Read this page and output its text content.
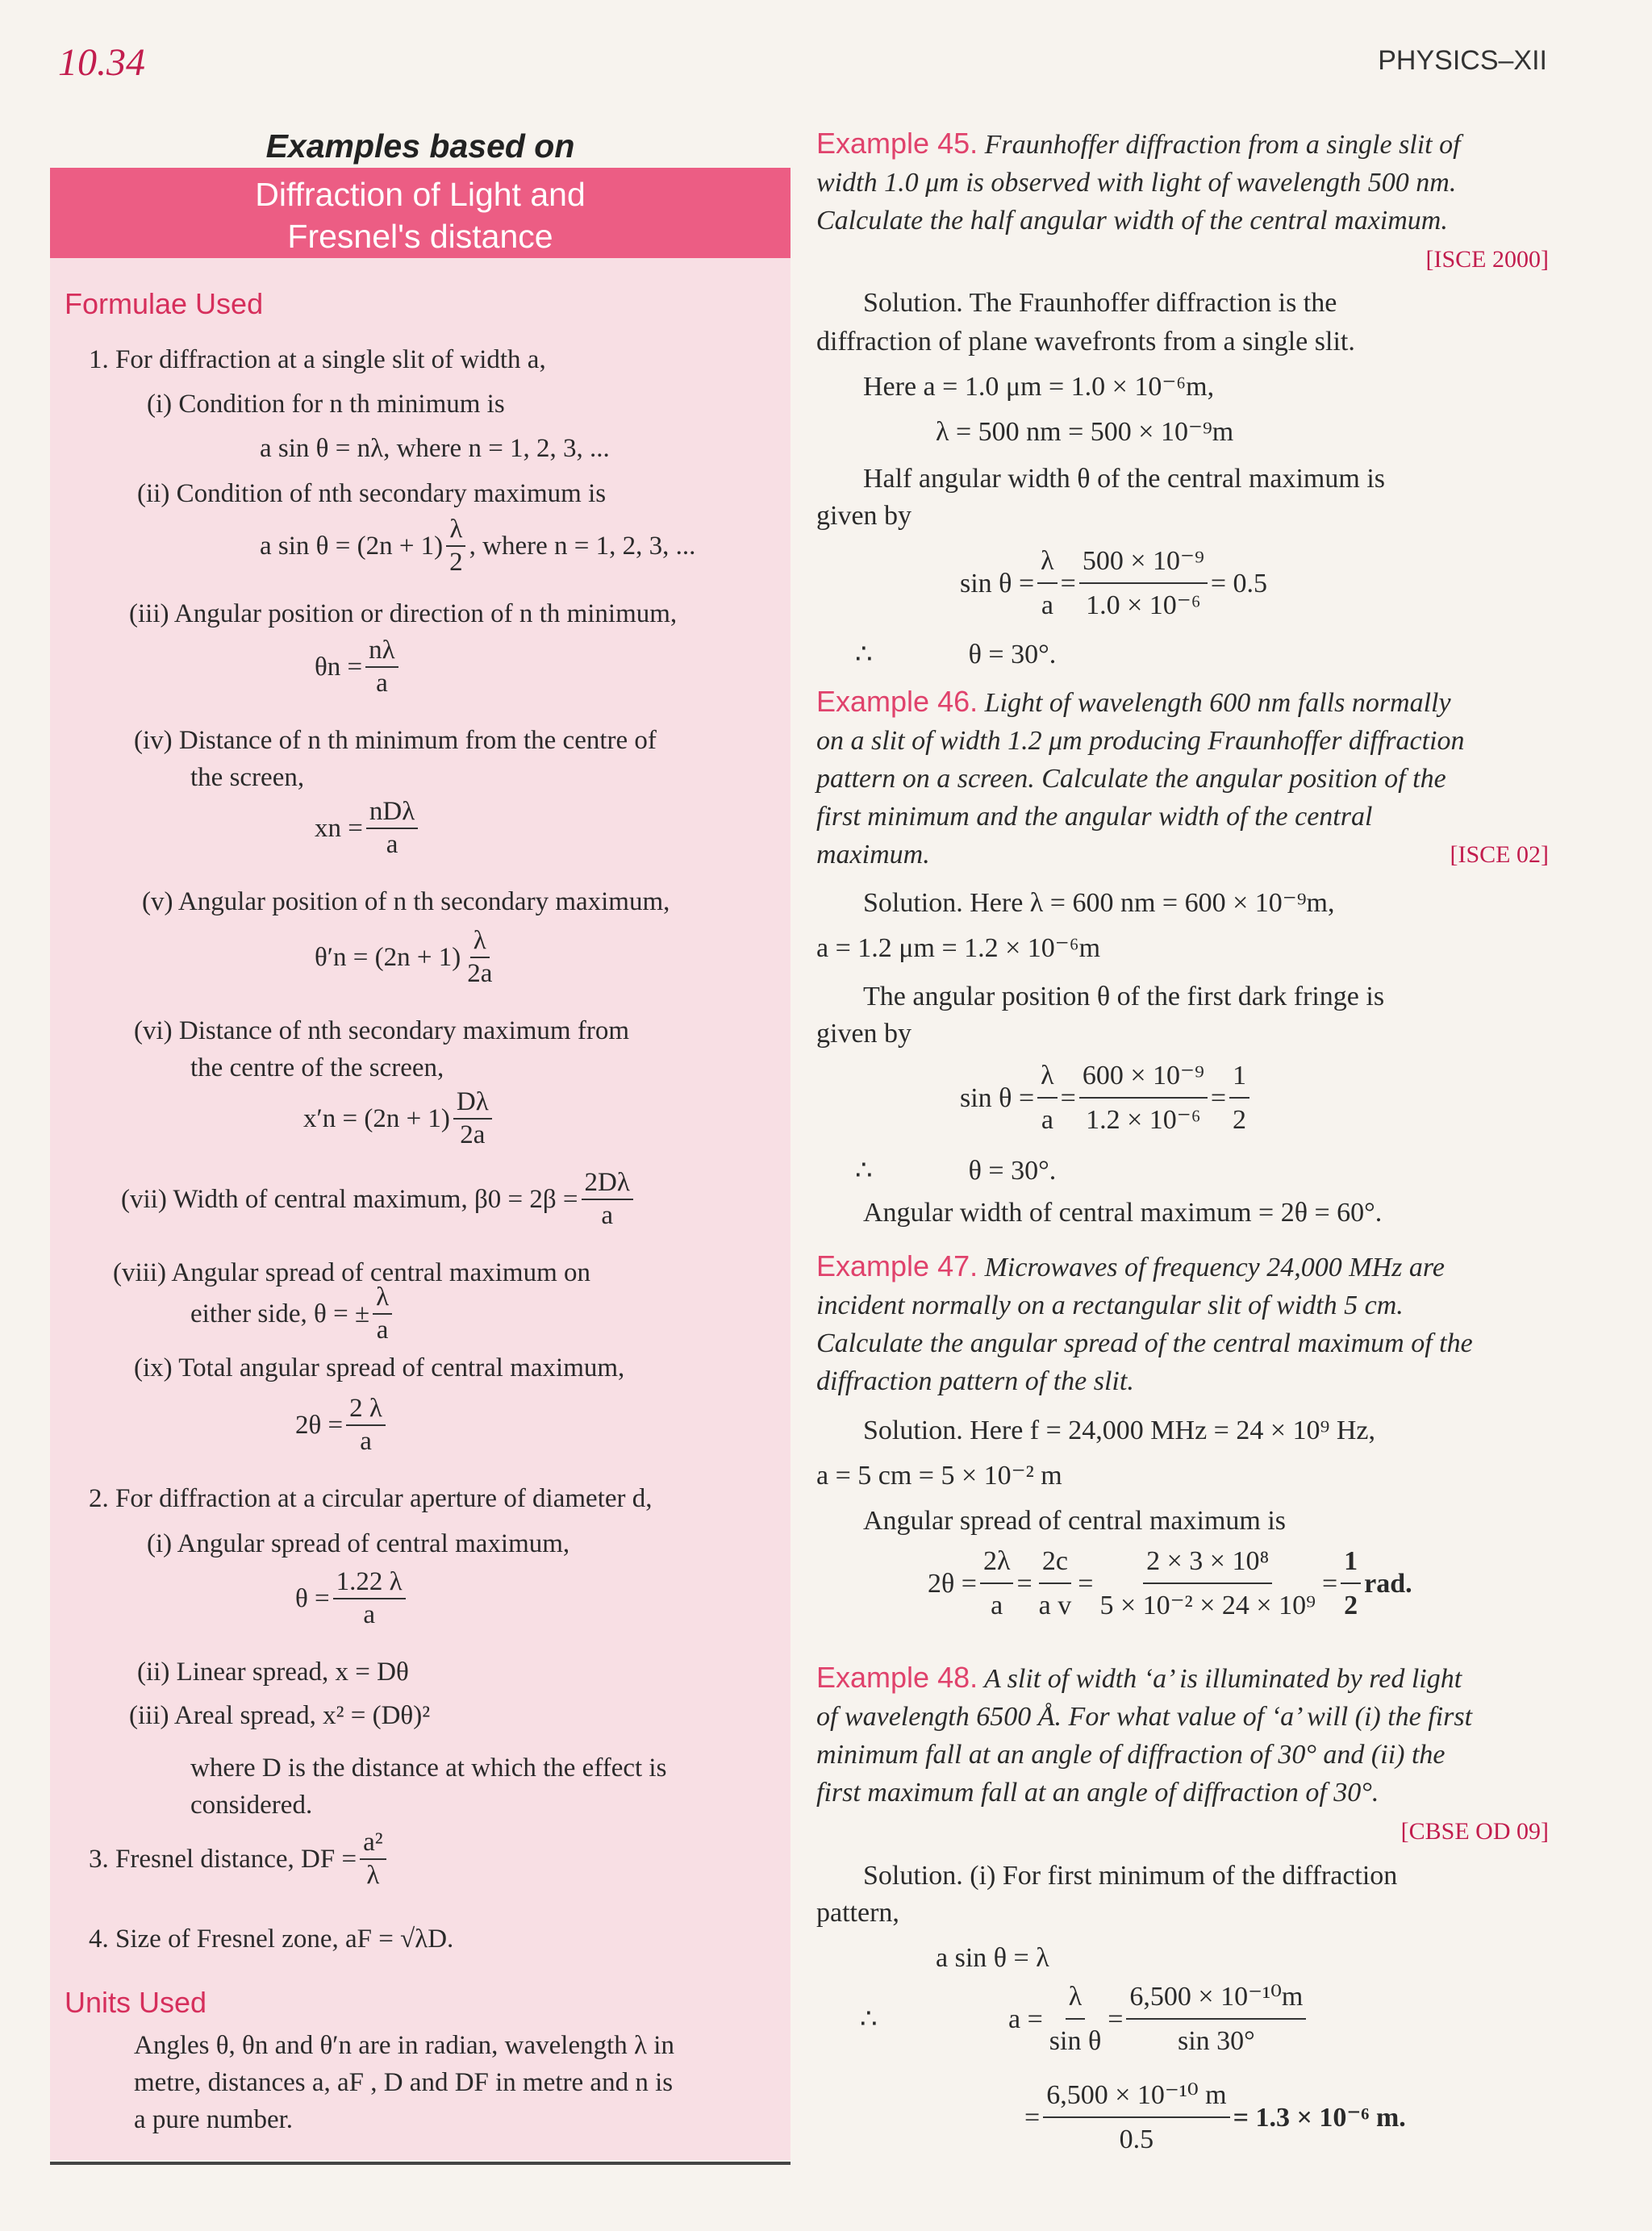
10.34	PHYSICS–XII
Examples based on
Diffraction of Light and
Fresnel's distance
Formulae Used
1. For diffraction at a single slit of width a,
(i) Condition for n th minimum is
a sin θ = nλ, where n = 1, 2, 3, ...
(ii) Condition of nth secondary maximum is
a $\sin \theta = (2n + 1) \frac{\lambda}{2}$ , where n = 1, 2, 3, ...
(iii) Angular position or direction of n th minimum,
$\theta n = \frac{n\lambda}{a}$
(iv) Distance of n th minimum from the centre of
the screen,
xn = $\frac{\text{nDλ}}{a}$
(v) Angular position of n th secondary maximum,
$\theta'n = (2n + 1) \frac{\lambda}{2a}$
(vi) Distance of nth secondary maximum from
the centre of the screen,
$x'n = (2n + 1) \frac{D\lambda}{2a}$
(vii) Width of central maximum, $\beta 0 = 2\beta = \frac{2D\lambda}{a}$
(viii) Angular spread of central maximum on
either side, θ = ± $\frac{\lambda}{a}$
(ix) Total angular spread of central maximum,
$2\theta = \frac{2 \lambda}{a}$
2. For diffraction at a circular aperture of diameter d,
(i) Angular spread of central maximum,
$\theta = \frac{1.22 \lambda}{a}$
(ii) Linear spread, x = Dθ
(iii) Areal spread, x² = (Dθ)²
where D is the distance at which the effect is
considered.
3. Fresnel distance, DF = $\frac{\text{a²}}{\lambda}$
4. Size of Fresnel zone, aF = √λD.
Units Used
Angles θ, θn and θ′n are in radian, wavelength λ in
metre, distances a, aF , D and DF in metre and n is
a pure number.
Example 45. Fraunhoffer diffraction from a single slit of
width 1.0 μm is observed with light of wavelength 500 nm.
Calculate the half angular width of the central maximum.
[ISCE 2000]
Solution. The Fraunhoffer diffraction is the
diffraction of plane wavefronts from a single slit.
Here a = 1.0 μm = 1.0 × 10⁻⁶m,
λ = 500 nm = 500 × 10⁻⁹m
Half angular width θ of the central maximum is
given by
$\sin \theta = \frac{\lambda}{a} = \frac{\text{500 × 10⁻⁹}}{\text{1.0 × 10⁻⁶}} = 0.5$
∴              θ = 30°.
Example 46. Light of wavelength 600 nm falls normally
on a slit of width 1.2 μm producing Fraunhoffer diffraction
pattern on a screen. Calculate the angular position of the
first minimum and the angular width of the central
maximum.	[ISCE 02]
Solution. Here λ = 600 nm = 600 × 10⁻⁹m,
a = 1.2 μm = 1.2 × 10⁻⁶m
The angular position θ of the first dark fringe is
given by
$\sin \theta = \frac{\lambda}{a} = \frac{\text{600 × 10⁻⁹}}{\text{1.2 × 10⁻⁶}} = \frac{1}{2}$
∴              θ = 30°.
Angular width of central maximum = 2θ = 60°.
Example 47. Microwaves of frequency 24,000 MHz are
incident normally on a rectangular slit of width 5 cm.
Calculate the angular spread of the central maximum of the
diffraction pattern of the slit.
Solution. Here f = 24,000 MHz = 24 × 10⁹ Hz,
a = 5 cm = 5 × 10⁻² m
Angular spread of central maximum is
$2\theta = \frac{2\lambda}{a} = \frac{2c}{\text{a v}} = \frac{\text{2 × 3 × 10⁸}}{\text{5 × 10⁻² × 24 × 10⁹}} = \frac{1}{2}$ rad.
Example 48. A slit of width ‘a’ is illuminated by red light
of wavelength 6500 Å. For what value of ‘a’ will (i) the first
minimum fall at an angle of diffraction of 30° and (ii) the
first maximum fall at an angle of diffraction of 30°.
[CBSE OD 09]
Solution. (i) For first minimum of the diffraction
pattern,
a sin θ = λ
∴	$a = \frac{\lambda}{\text{sin θ}} = \frac{\text{6,500 × 10⁻¹⁰m}}{\sin 30^\circ}$
= $\frac{\text{6,500 × 10⁻¹⁰ m}}{0.5} = 1.3 \times 10^{-6}$ m.
